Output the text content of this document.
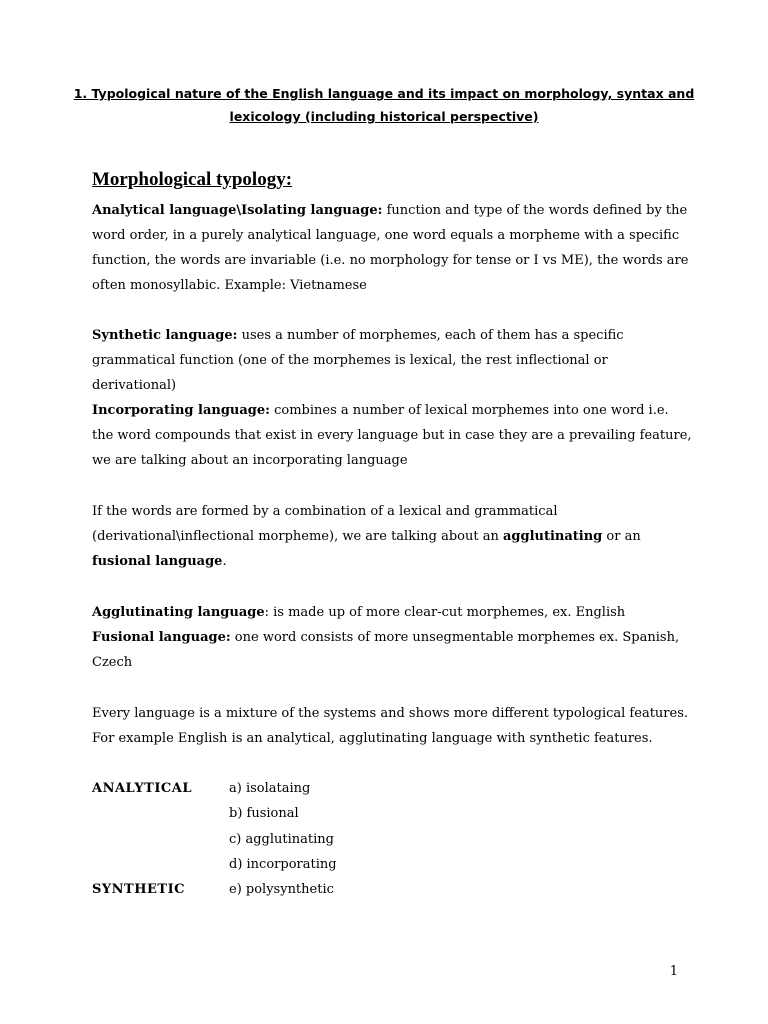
1. Typological nature of the English language and its impact on morphology, syntax and
lexicology (including historical perspective)
Morphological typology:

Analytical language\Isolating language: function and type of the words defined by the word order, in a purely analytical language, one word equals a morpheme with a specific function, the words are invariable (i.e. no morphology for tense or I vs ME), the words are often monosyllabic. Example: Vietnamese

Synthetic language: uses a number of morphemes, each of them has a specific grammatical function (one of the morphemes is lexical, the rest inflectional or derivational)

Incorporating language: combines a number of lexical morphemes into one word i.e. the word compounds that exist in every language but in case they are a prevailing feature, we are talking about an incorporating language

If the words are formed by a combination of a lexical and grammatical (derivational\inflectional morpheme), we are talking about an agglutinating or an fusional language.

Agglutinating language: is made up of more clear-cut morphemes, ex. English
Fusional language: one word consists of more unsegmentable morphemes ex. Spanish, Czech

Every language is a mixture of the systems and shows more different typological features. For example English is an analytical, agglutinating language with synthetic features.

ANALYTICAL	a) isolataing
b) fusional
c) agglutinating
d) incorporating
SYNTHETIC	e) polysynthetic
1
